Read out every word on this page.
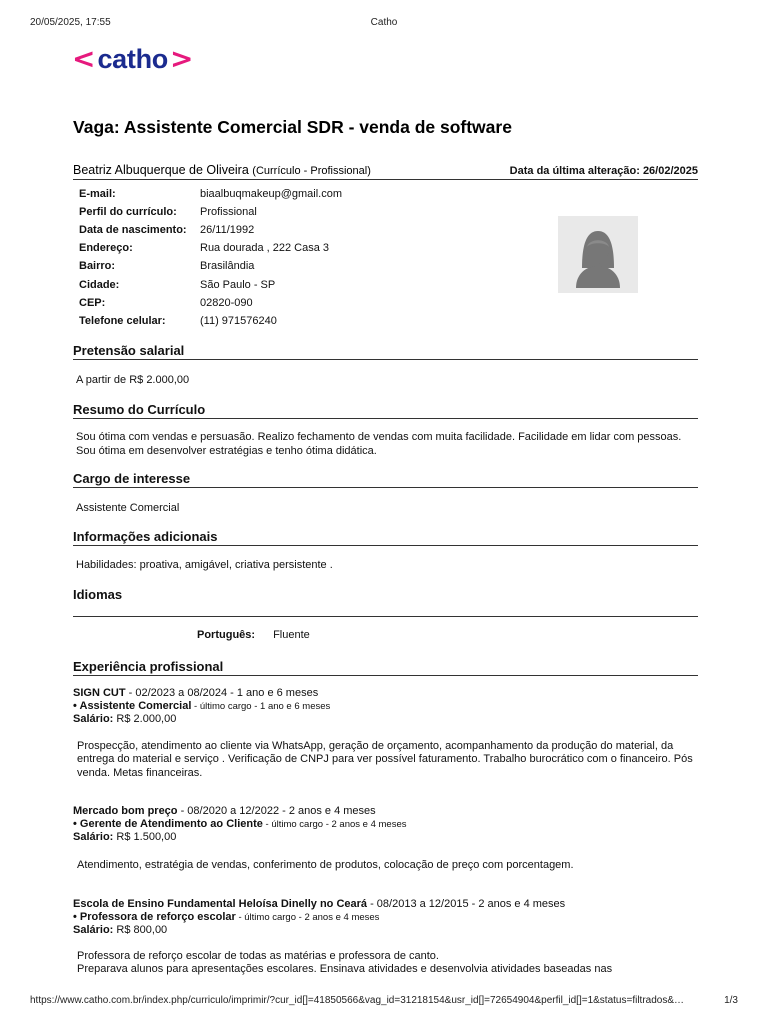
20/05/2025, 17:55	Catho
< catho >
Vaga: Assistente Comercial SDR - venda de software
Beatriz Albuquerque de Oliveira (Currículo - Profissional)	Data da última alteração: 26/02/2025
E-mail:	biaalbuqmakeup@gmail.com
Perfil do currículo:	Profissional
Data de nascimento:	26/11/1992
Endereço:	Rua dourada , 222 Casa 3
Bairro:	Brasilândia
Cidade:	São Paulo - SP
CEP:	02820-090
Telefone celular:	(11) 971576240
Pretensão salarial
A partir de R$ 2.000,00
Resumo do Currículo
Sou ótima com vendas e persuasão. Realizo fechamento de vendas com muita facilidade. Facilidade em lidar com pessoas. Sou ótima em desenvolver estratégias e tenho ótima didática.
Cargo de interesse
Assistente Comercial
Informações adicionais
Habilidades: proativa, amigável, criativa persistente .
Idiomas
Português: Fluente
Experiência profissional
SIGN CUT - 02/2023 a 08/2024 - 1 ano e 6 meses
• Assistente Comercial - último cargo - 1 ano e 6 meses
Salário: R$ 2.000,00
Prospecção, atendimento ao cliente via WhatsApp, geração de orçamento, acompanhamento da produção do material, da entrega do material e serviço . Verificação de CNPJ para ver possível faturamento. Trabalho burocrático com o financeiro. Pós venda. Metas financeiras.
Mercado bom preço - 08/2020 a 12/2022 - 2 anos e 4 meses
• Gerente de Atendimento ao Cliente - último cargo - 2 anos e 4 meses
Salário: R$ 1.500,00
Atendimento, estratégia de vendas, conferimento de produtos, colocação de preço com porcentagem.
Escola de Ensino Fundamental Heloísa Dinelly no Ceará - 08/2013 a 12/2015 - 2 anos e 4 meses
• Professora de reforço escolar - último cargo - 2 anos e 4 meses
Salário: R$ 800,00
Professora de reforço escolar de todas as matérias e professora de canto.
Preparava alunos para apresentações escolares. Ensinava atividades e desenvolvia atividades baseadas nas
https://www.catho.com.br/index.php/curriculo/imprimir/?cur_id[]=41850566&vag_id=31218154&usr_id[]=72654904&perfil_id[]=1&status=filtrados&…	1/3
